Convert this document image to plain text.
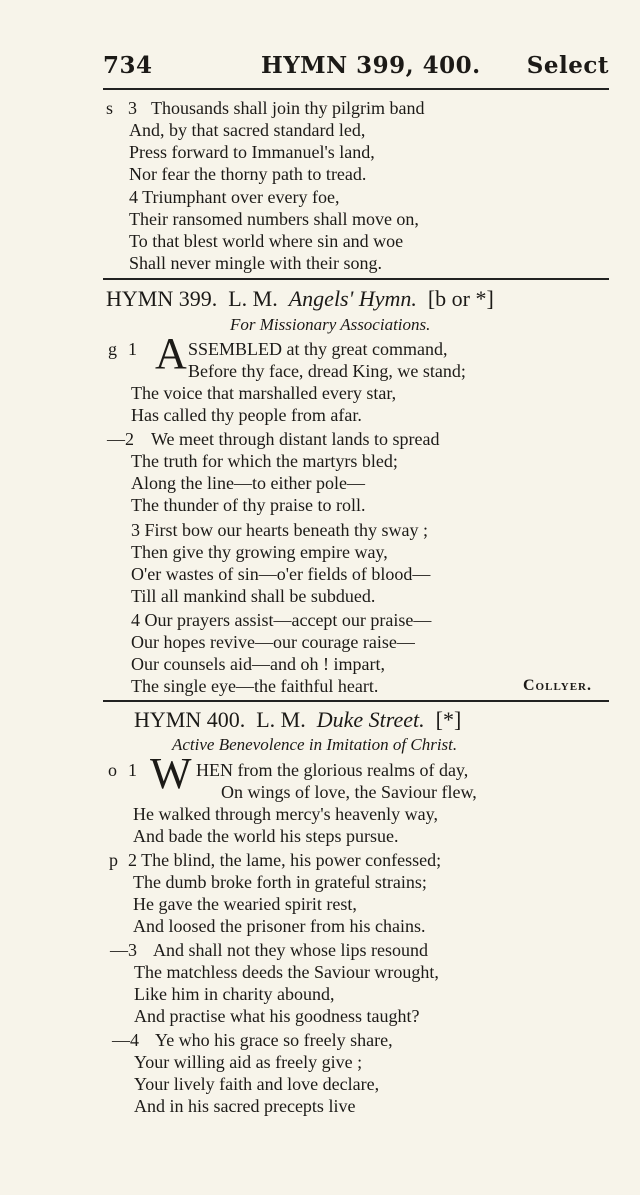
734	HYMN 399, 400. Select
s 3 Thousands shall join thy pilgrim band
And, by that sacred standard led,
Press forward to Immanuel's land,
Nor fear the thorny path to tread.
4 Triumphant over every foe,
Their ransomed numbers shall move on,
To that blest world where sin and woe
Shall never mingle with their song.
HYMN 399. L. M. Angels' Hymn. [b or *]
For Missionary Associations.
g 1 A SSEMBLED at thy great command,
Before thy face, dread King, we stand;
The voice that marshalled every star,
Has called thy people from afar.
—2 We meet through distant lands to spread
The truth for which the martyrs bled;
Along the line—to either pole—
The thunder of thy praise to roll.
3 First bow our hearts beneath thy sway ;
Then give thy growing empire way,
O'er wastes of sin—o'er fields of blood—
Till all mankind shall be subdued.
4 Our prayers assist—accept our praise—
Our hopes revive—our courage raise—
Our counsels aid—and oh ! impart,
The single eye—the faithful heart.	Collyer.
HYMN 400. L. M. Duke Street. [*]
Active Benevolence in Imitation of Christ.
o 1 W HEN from the glorious realms of day,
On wings of love, the Saviour flew,
He walked through mercy's heavenly way,
And bade the world his steps pursue.
p 2 The blind, the lame, his power confessed;
The dumb broke forth in grateful strains;
He gave the wearied spirit rest,
And loosed the prisoner from his chains.
—3 And shall not they whose lips resound
The matchless deeds the Saviour wrought,
Like him in charity abound,
And practise what his goodness taught?
—4 Ye who his grace so freely share,
Your willing aid as freely give ;
Your lively faith and love declare,
And in his sacred precepts live
